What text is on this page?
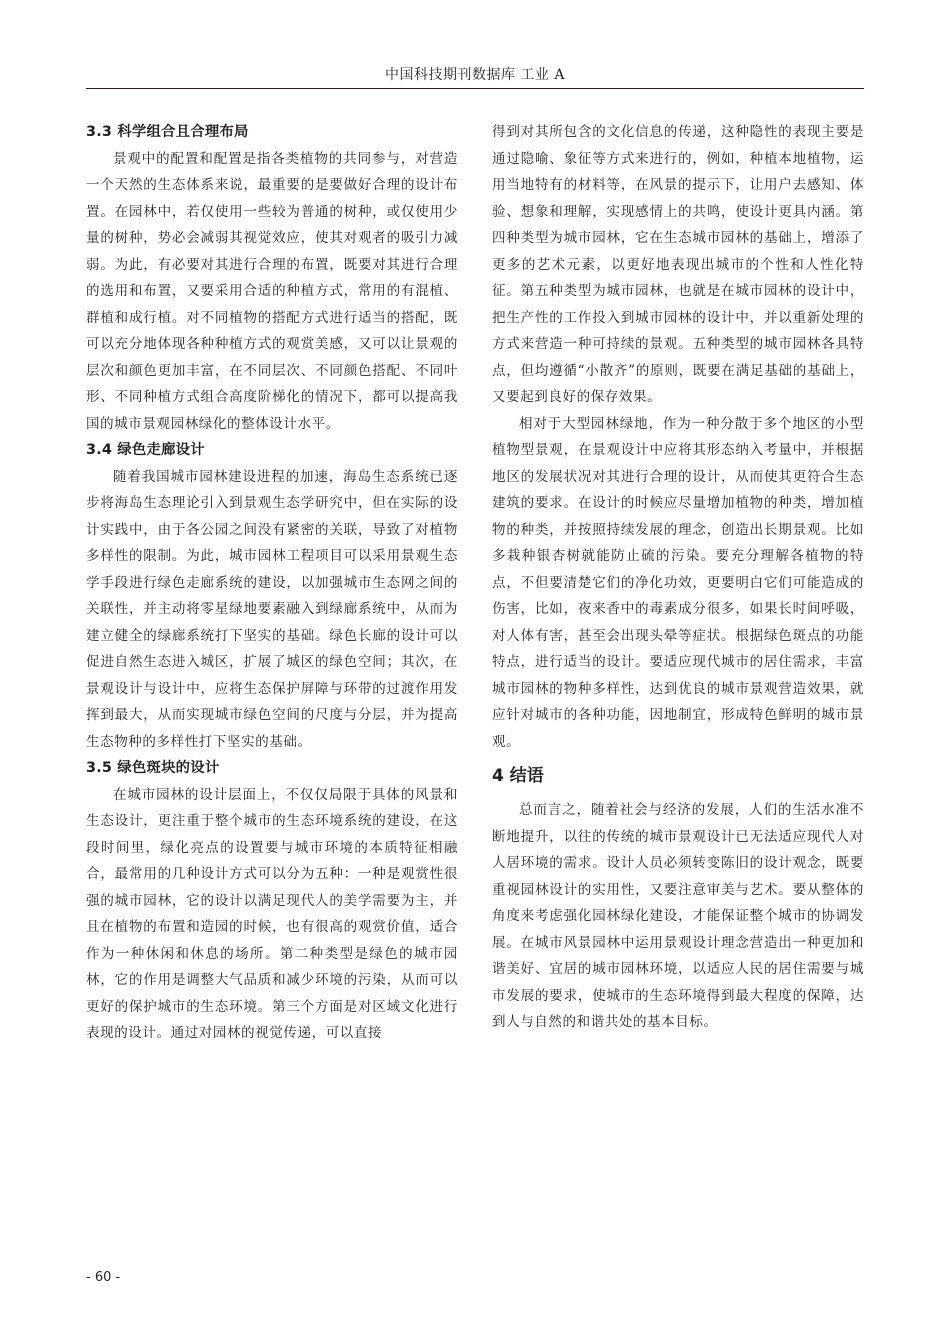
中国科技期刊数据库 工业 A
3.3 科学组合且合理布局

景观中的配置和配置是指各类植物的共同参与，对营造一个天然的生态体系来说，最重要的是要做好合理的设计布置。在园林中，若仅使用一些较为普通的树种，或仅使用少量的树种，势必会减弱其视觉效应，使其对观者的吸引力减弱。为此，有必要对其进行合理的布置，既要对其进行合理的选用和布置，又要采用合适的种植方式，常用的有混植、群植和成行植。对不同植物的搭配方式进行适当的搭配，既可以充分地体现各种种植方式的观赏美感，又可以让景观的层次和颜色更加丰富，在不同层次、不同颜色搭配、不同叶形、不同种植方式组合高度阶梯化的情况下，都可以提高我国的城市景观园林绿化的整体设计水平。

3.4 绿色走廊设计

随着我国城市园林建设进程的加速，海岛生态系统已逐步将海岛生态理论引入到景观生态学研究中，但在实际的设计实践中，由于各公园之间没有紧密的关联，导致了对植物多样性的限制。为此，城市园林工程项目可以采用景观生态学手段进行绿色走廊系统的建设，以加强城市生态网之间的关联性，并主动将零星绿地要素融入到绿廊系统中，从而为建立健全的绿廊系统打下坚实的基础。绿色长廊的设计可以促进自然生态进入城区，扩展了城区的绿色空间；其次，在景观设计与设计中，应将生态保护屏障与环带的过渡作用发挥到最大，从而实现城市绿色空间的尺度与分层，并为提高生态物种的多样性打下坚实的基础。

3.5 绿色斑块的设计

在城市园林的设计层面上，不仅仅局限于具体的风景和生态设计，更注重于整个城市的生态环境系统的建设，在这段时间里，绿化亮点的设置要与城市环境的本质特征相融合，最常用的几种设计方式可以分为五种：一种是观赏性很强的城市园林，它的设计以满足现代人的美学需要为主，并且在植物的布置和造园的时候，也有很高的观赏价值，适合作为一种休闲和休息的场所。第二种类型是绿色的城市园林，它的作用是调整大气品质和减少环境的污染，从而可以更好的保护城市的生态环境。第三个方面是对区域文化进行表现的设计。通过对园林的视觉传递，可以直接

得到对其所包含的文化信息的传递，这种隐性的表现主要是通过隐喻、象征等方式来进行的，例如，种植本地植物，运用当地特有的材料等，在风景的提示下，让用户去感知、体验、想象和理解，实现感情上的共鸣，使设计更具内涵。第四种类型为城市园林，它在生态城市园林的基础上，增添了更多的艺术元素，以更好地表现出城市的个性和人性化特征。第五种类型为城市园林，也就是在城市园林的设计中，把生产性的工作投入到城市园林的设计中，并以重新处理的方式来营造一种可持续的景观。五种类型的城市园林各具特点，但均遵循“小散齐”的原则，既要在满足基础的基础上，又要起到良好的保存效果。

相对于大型园林绿地，作为一种分散于多个地区的小型植物型景观，在景观设计中应将其形态纳入考量中，并根据地区的发展状况对其进行合理的设计，从而使其更符合生态建筑的要求。在设计的时候应尽量增加植物的种类，增加植物的种类，并按照持续发展的理念，创造出长期景观。比如多栽种银杏树就能防止硫的污染。要充分理解各植物的特点，不但要清楚它们的净化功效，更要明白它们可能造成的伤害，比如，夜来香中的毒素成分很多，如果长时间呼吸，对人体有害，甚至会出现头晕等症状。根据绿色斑点的功能特点，进行适当的设计。要适应现代城市的居住需求，丰富城市园林的物种多样性，达到优良的城市景观营造效果，就应针对城市的各种功能，因地制宜，形成特色鲜明的城市景观。

4 结语

总而言之，随着社会与经济的发展，人们的生活水准不断地提升，以往的传统的城市景观设计已无法适应现代人对人居环境的需求。设计人员必须转变陈旧的设计观念，既要重视园林设计的实用性，又要注意审美与艺术。要从整体的角度来考虑强化园林绿化建设，才能保证整个城市的协调发展。在城市风景园林中运用景观设计理念营造出一种更加和谐美好、宜居的城市园林环境，以适应人民的居住需要与城市发展的要求，使城市的生态环境得到最大程度的保障，达到人与自然的和谐共处的基本目标。

- 60 -
